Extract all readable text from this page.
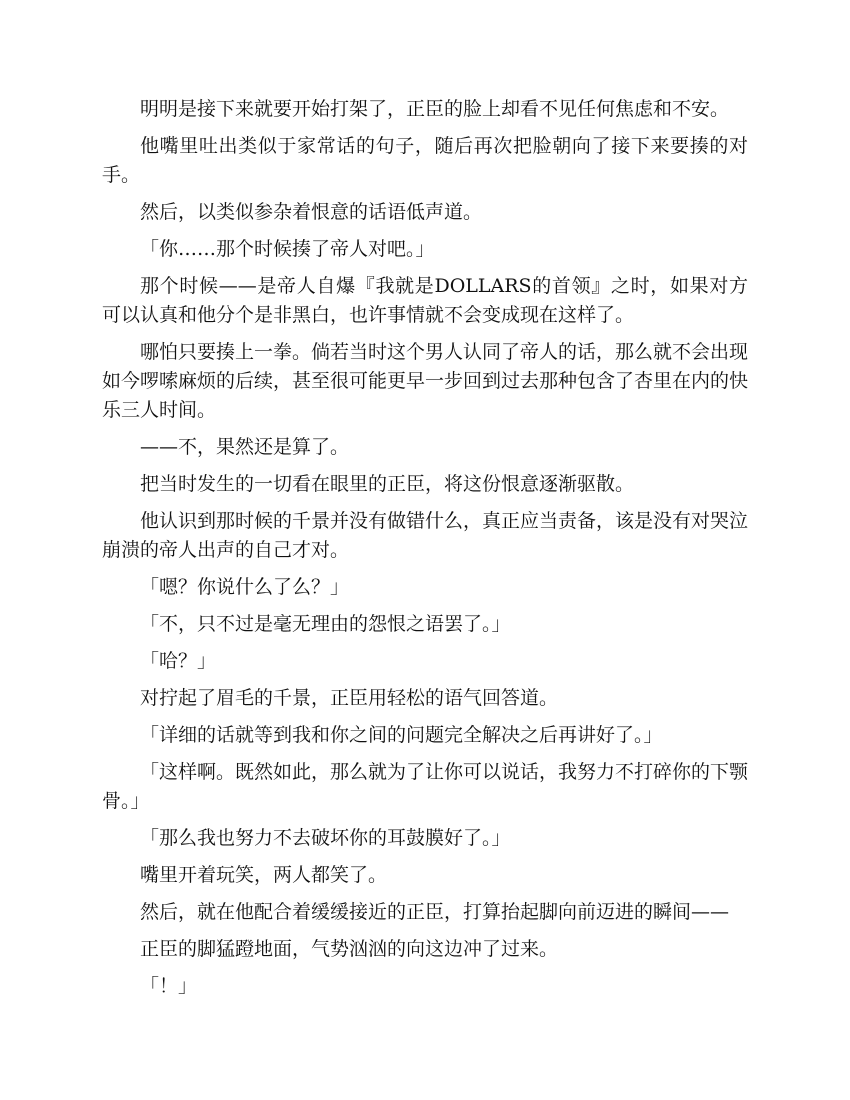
明明是接下来就要开始打架了，正臣的脸上却看不见任何焦虑和不安。

他嘴里吐出类似于家常话的句子，随后再次把脸朝向了接下来要揍的对手。

然后，以类似参杂着恨意的话语低声道。

「你……那个时候揍了帝人对吧。」

那个时候——是帝人自爆『我就是DOLLARS的首领』之时，如果对方可以认真和他分个是非黑白，也许事情就不会变成现在这样了。

哪怕只要揍上一拳。倘若当时这个男人认同了帝人的话，那么就不会出现如今啰嗦麻烦的后续，甚至很可能更早一步回到过去那种包含了杏里在内的快乐三人时间。

——不，果然还是算了。

把当时发生的一切看在眼里的正臣，将这份恨意逐渐驱散。

他认识到那时候的千景并没有做错什么，真正应当责备，该是没有对哭泣崩溃的帝人出声的自己才对。

「嗯？你说什么了么？」

「不，只不过是毫无理由的怨恨之语罢了。」

「哈？」

对拧起了眉毛的千景，正臣用轻松的语气回答道。

「详细的话就等到我和你之间的问题完全解决之后再讲好了。」

「这样啊。既然如此，那么就为了让你可以说话，我努力不打碎你的下颚骨。」

「那么我也努力不去破坏你的耳鼓膜好了。」

嘴里开着玩笑，两人都笑了。

然后，就在他配合着缓缓接近的正臣，打算抬起脚向前迈进的瞬间——

正臣的脚猛蹬地面，气势汹汹的向这边冲了过来。

「！」
